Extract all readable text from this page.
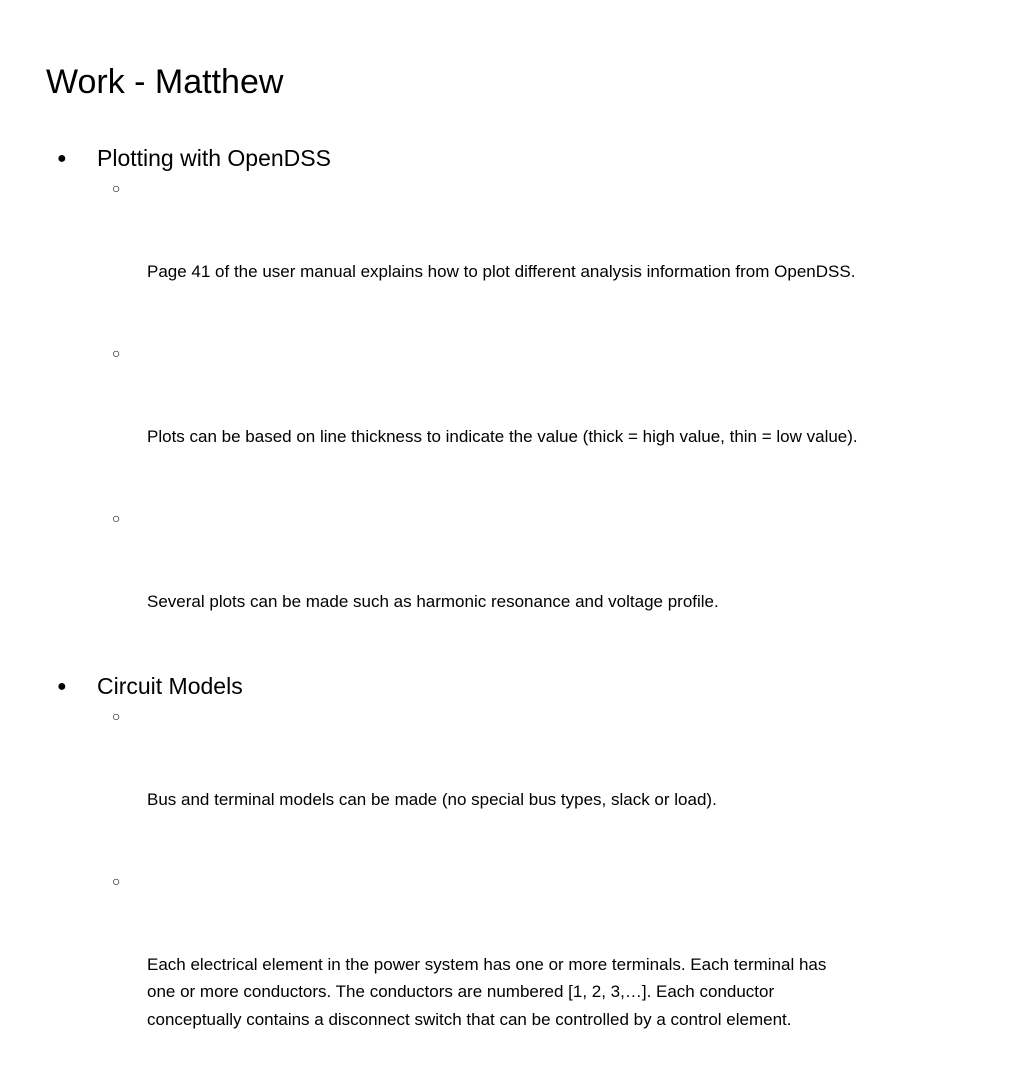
Work - Matthew
● Plotting with OpenDSS

○

Page 41 of the user manual explains how to plot different analysis information from OpenDSS.

○

Plots can be based on line thickness to indicate the value (thick = high value, thin = low value).

○

Several plots can be made such as harmonic resonance and voltage profile.

● Circuit Models

○

Bus and terminal models can be made (no special bus types, slack or load).

○

Each electrical element in the power system has one or more terminals. Each terminal has
one or more conductors. The conductors are numbered [1, 2, 3,…]. Each conductor
conceptually contains a disconnect switch that can be controlled by a control element.
